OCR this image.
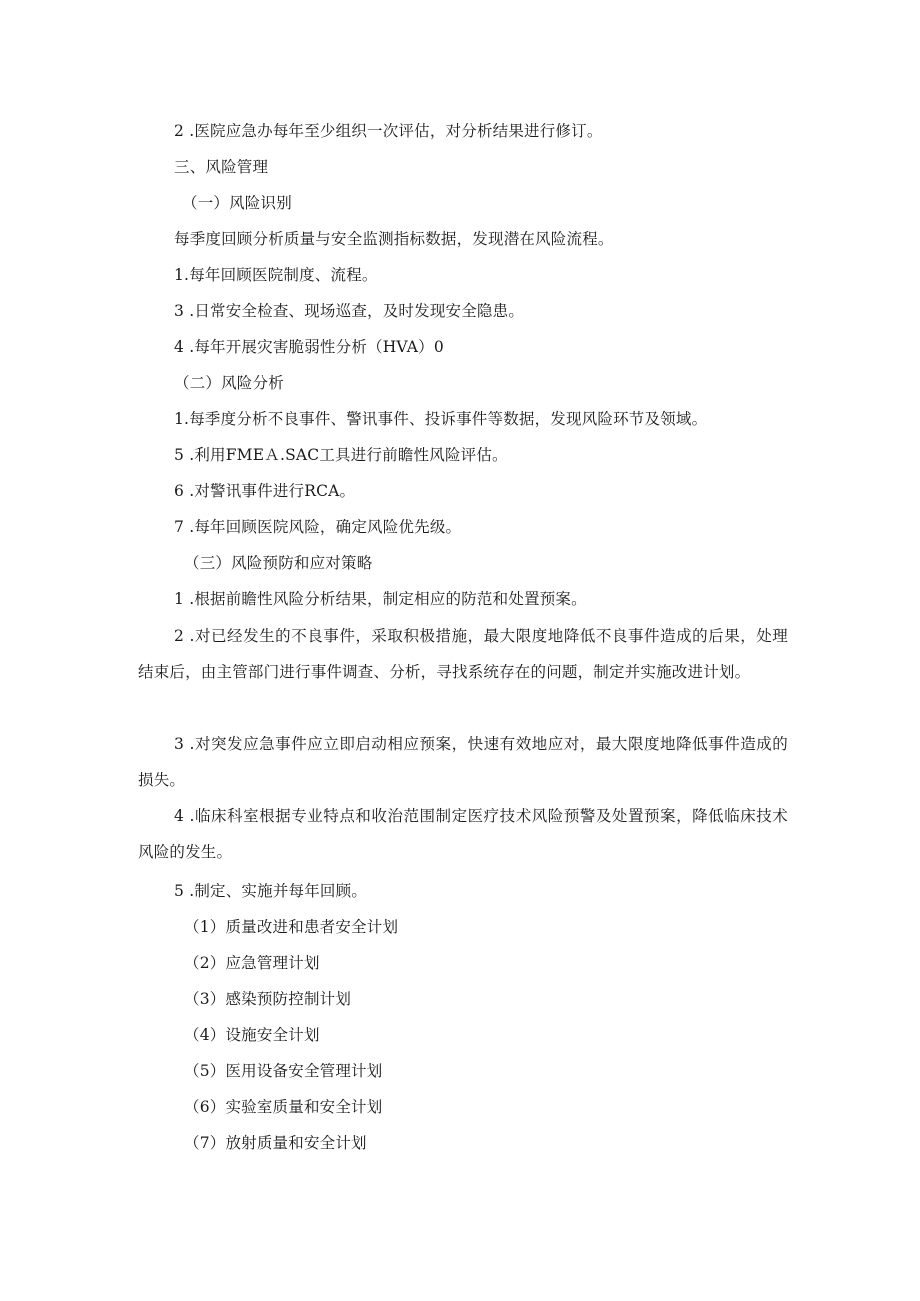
2 .医院应急办每年至少组织一次评估，对分析结果进行修订。
三、风险管理
（一）风险识别
每季度回顾分析质量与安全监测指标数据，发现潜在风险流程。
1.每年回顾医院制度、流程。
3 .日常安全检查、现场巡查，及时发现安全隐患。
4 .每年开展灾害脆弱性分析（HVA）0
（二）风险分析
1.每季度分析不良事件、警讯事件、投诉事件等数据，发现风险环节及领域。
5 .利用FMEＡ.SAC工具进行前瞻性风险评估。
6 .对警讯事件进行RCA。
7 .每年回顾医院风险，确定风险优先级。
（三）风险预防和应对策略
1 .根据前瞻性风险分析结果，制定相应的防范和处置预案。
2 .对已经发生的不良事件，采取积极措施，最大限度地降低不良事件造成的后果，处理结束后，由主管部门进行事件调查、分析，寻找系统存在的问题，制定并实施改进计划。
3 .对突发应急事件应立即启动相应预案，快速有效地应对，最大限度地降低事件造成的损失。
4 .临床科室根据专业特点和收治范围制定医疗技术风险预警及处置预案，降低临床技术风险的发生。
5 .制定、实施并每年回顾。
（1）质量改进和患者安全计划
（2）应急管理计划
（3）感染预防控制计划
（4）设施安全计划
（5）医用设备安全管理计划
（6）实验室质量和安全计划
（7）放射质量和安全计划
